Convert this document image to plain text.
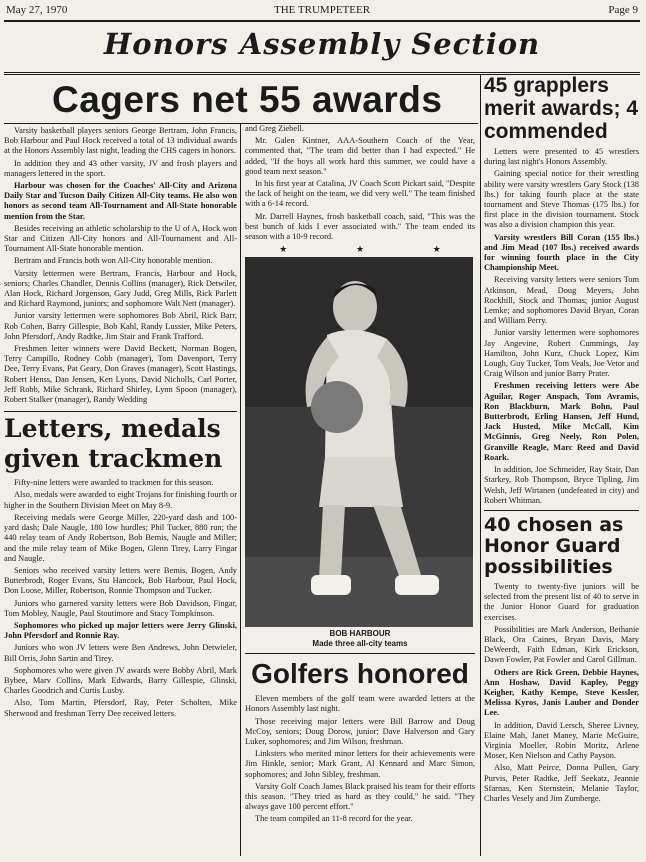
May 27, 1970	THE TRUMPETEER	Page 9
Honors Assembly Section
Cagers net 55 awards

Varsity basketball players seniors George Bertram, John Francis, Bob Harbour and Paul Hock received a total of 13 individual awards at the Honors Assembly last night, leading the CHS cagers in honors.

In addition they and 43 other varsity, JV and frosh players and managers lettered in the sport.

Harbour was chosen for the Coaches' All-City and Arizona Daily Star and Tucson Daily Citizen All-City teams. He also won honors as second team All-Tournament and All-State honorable mention from the Star.

Besides receiving an athletic scholarship to the U of A, Hock won Star and Citizen All-City honors and All-Tournament and All-Tournament All-State honorable mention.

Bertram and Francis both won All-City honorable mention.

Varsity lettermen were Bertram, Francis, Harbour and Hock, seniors; Charles Chandler, Dennis Collins (manager), Rick Detwiler, Alan Hock, Richard Jorgenson, Gary Judd, Greg Mills, Rick Parlett and Richard Raymond, juniors; and sophomore Walt Nett (manager).

Junior varsity lettermen were sophomores Bob Abril, Rick Barr, Rob Cohen, Barry Gillespie, Bob Kahl, Randy Lussier, Mike Peters, John Pfersdorf, Andy Radtke, Jim Stair and Frank Trafford.

Freshmen letter winners were David Beckett, Norman Bogen, Terry Campillo, Rodney Cobb (manager), Tom Davenport, Terry Dee, Terry Evans, Pat Geary, Don Graves (manager), Scott Hastings, Robert Henss, Dan Jensen, Ken Lyons, David Nicholls, Carl Porter, Jeff Robb, Mike Schrank, Richard Shirley, Lynn Spoon (manager), Robert Stalker (manager), Randy Wedding

Letters, medals given trackmen

Fifty-nine letters were awarded to trackmen for this season.

Also, medals were awarded to eight Trojans for finishing fourth or higher in the Southern Division Meet on May 8-9.

Receiving medals were George Miller, 220-yard dash and 100-yard dash; Dale Naugle, 180 low hurdles; Phil Tucker, 880 run; the 440 relay team of Andy Robertson, Bob Bemis, Naugle and Miller; and the mile relay team of Mike Bogen, Glenn Tirey, Larry Fingar and Naugle.

Seniors who received varsity letters were Bemis, Bogen, Andy Butterbrodt, Roger Evans, Stu Hancock, Bob Harbour, Paul Hock, Don Loose, Miller, Robertson, Ronnie Thompson and Tucker.

Juniors who garnered varsity letters were Bob Davidson, Fingar, Tom Mobley, Naugle, Paul Stoutimore and Stacy Tompkinson.

Sophomores who picked up major letters were Jerry Glinski, John Pfersdorf and Ronnie Ray.

Juniors who won JV letters were Ben Andrews, John Detwieler, Bill Orris, John Sartin and Tirey.

Sophomores who were given JV awards were Bobby Abril, Mark Bybee, Marv Collins, Mark Edwards, Barry Gillespie, Glinski, Charles Goodrich and Curtis Lusby.

Also, Tom Martin, Pfersdorf, Ray, Peter Scholten, Mike Sherwood and freshman Terry Dee received letters.

and Greg Ziebell.

Mr. Galen Kintner, AAA-Southern Coach of the Year, commented that, "The team did better than I had expected." He added, "If the boys all work hard this summer, we could have a good team next season."

In his first year at Catalina, JV Coach Scott Pickart said, "Despite the lack of height on the team, we did very well." The team finished with a 6-14 record.

Mr. Darrell Haynes, frosh basketball coach, said, "This was the best bunch of kids I ever associated with." The team ended its season with a 10-9 record.

★	★	★
BOB HARBOUR
Made three all-city teams
Golfers honored

Eleven members of the golf team were awarded letters at the Honors Assembly last night.

Those receiving major letters were Bill Barrow and Doug McCoy, seniors; Doug Dorow, junior; Dave Halverson and Gary Luker, sophomores; and Jim Wilson, freshman.

Linksters who merited minor letters for their achievements were Jim Hinkle, senior; Mark Grant, Al Kennard and Marc Simon, sophomores; and John Sibley, freshman.

Varsity Golf Coach James Black praised his team for their efforts this season. "They tried as hard as they could," he said. "They always gave 100 percent effort."

The team compiled an 11-8 record for the year.

45 grapplers merit awards; 4 commended

Letters were presented to 45 wrestlers during last night's Honors Assembly.

Gaining special notice for their wrestling ability were varsity wrestlers Gary Stock (138 lbs.) for taking fourth place at the state tournament and Steve Thomas (175 lbs.) for first place in the division tournament. Stock was also a division champion this year.

Varsity wrestlers Bill Coran (155 lbs.) and Jim Mead (107 lbs.) received awards for winning fourth place in the City Championship Meet.

Receiving varsity letters were seniors Tom Atkinson, Mead, Doug Meyers, John Rockhill, Stock and Thomas; junior August Lemke; and sophomores David Bryan, Coran and William Perry.

Junior varsity lettermen were sophomores Jay Angevine, Robert Cummings, Jay Hamilton, John Kurz, Chuck Lopez, Kim Lough, Guy Tucker, Tom Veals, Joe Vetor and Craig Wilson and junior Barry Prater.

Freshmen receiving letters were Abe Aguilar, Roger Anspach, Tom Avramis, Ron Blackburn, Mark Bohn, Paul Butterbrodt, Erling Hansen, Jeff Hund, Jack Husted, Mike McCall, Kim McGinnis, Greg Neely, Ron Polen, Granville Reagle, Marc Reed and David Roark.

In addition, Joe Schmeider, Ray Stair, Dan Starkey, Rob Thompson, Bryce Tipling, Jim Welsh, Jeff Wirtanen (undefeated in city) and Robert Whitman.

40 chosen as Honor Guard possibilities

Twenty to twenty-five juniors will be selected from the present list of 40 to serve in the Junior Honor Guard for graduation exercises.

Possibilities are Mark Anderson, Bethanie Black, Ora Caines, Bryan Davis, Mary DeWeerdt, Faith Edman, Kirk Erickson, Dawn Fowler, Pat Fowler and Carol Gillman.

Others are Rick Green, Debbie Haynes, Ann Hoshaw, David Kapley, Peggy Keigher, Kathy Kempe, Steve Kessler, Melissa Kyros, Janis Lauber and Donder Lee.

In addition, David Lersch, Sheree Livney, Elaine Mah, Janet Maney, Marie McGuire, Virginia Moeller, Robin Moritz, Arlene Moser, Ken Nielson and Cathy Payson.

Also, Matt Peirce, Donna Pullen, Gary Purvis, Peter Radtke, Jeff Seekatz, Jeannie Sfarnas, Ken Sternstein, Melanie Taylor, Charles Vesely and Jim Zumberge.
